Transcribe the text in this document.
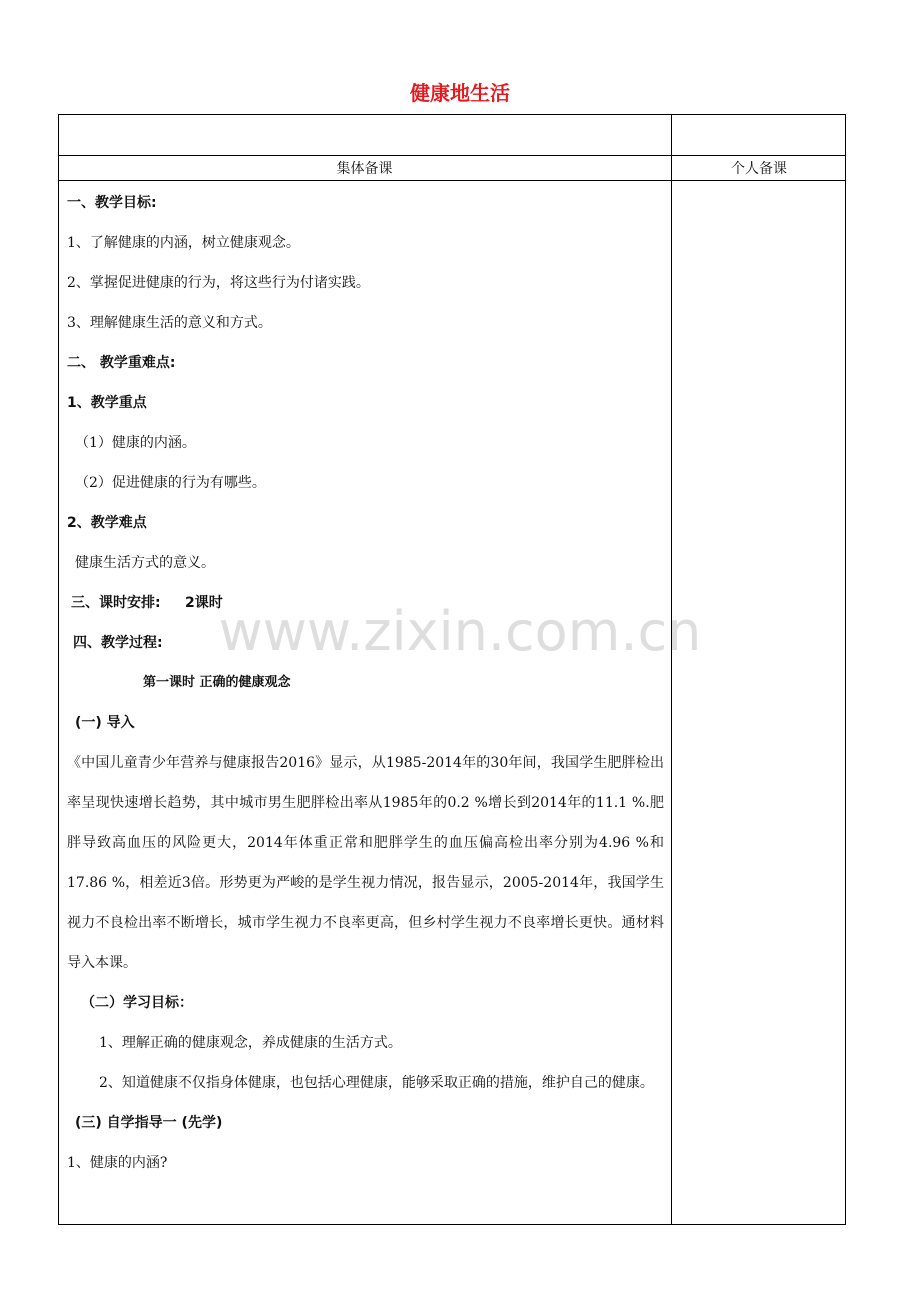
健康地生活
集体备课	个人备课

一、教学目标:

1、了解健康的内涵，树立健康观念。

2、掌握促进健康的行为，将这些行为付诸实践。

3、理解健康生活的意义和方式。

二、 教学重难点:

1、教学重点

（1）健康的内涵。

（2）促进健康的行为有哪些。

2、教学难点

健康生活方式的意义。

三、课时安排:     2课时

四、教学过程:

第一课时 正确的健康观念

(一) 导入

《中国儿童青少年营养与健康报告2016》显示，从1985-2014年的30年间，我国学生肥胖检出率呈现快速增长趋势，其中城市男生肥胖检出率从1985年的0.2 %增长到2014年的11.1 %.肥胖导致高血压的风险更大，2014年体重正常和肥胖学生的血压偏高检出率分别为4.96 %和17.86 %，相差近3倍。形势更为严峻的是学生视力情况，报告显示，2005-2014年，我国学生视力不良检出率不断增长，城市学生视力不良率更高，但乡村学生视力不良率增长更快。通材料导入本课。

（二）学习目标：

1、理解正确的健康观念，养成健康的生活方式。

2、知道健康不仅指身体健康，也包括心理健康，能够采取正确的措施，维护自己的健康。

(三) 自学指导一 (先学)

1、健康的内涵?

www.zixin.com.cn
